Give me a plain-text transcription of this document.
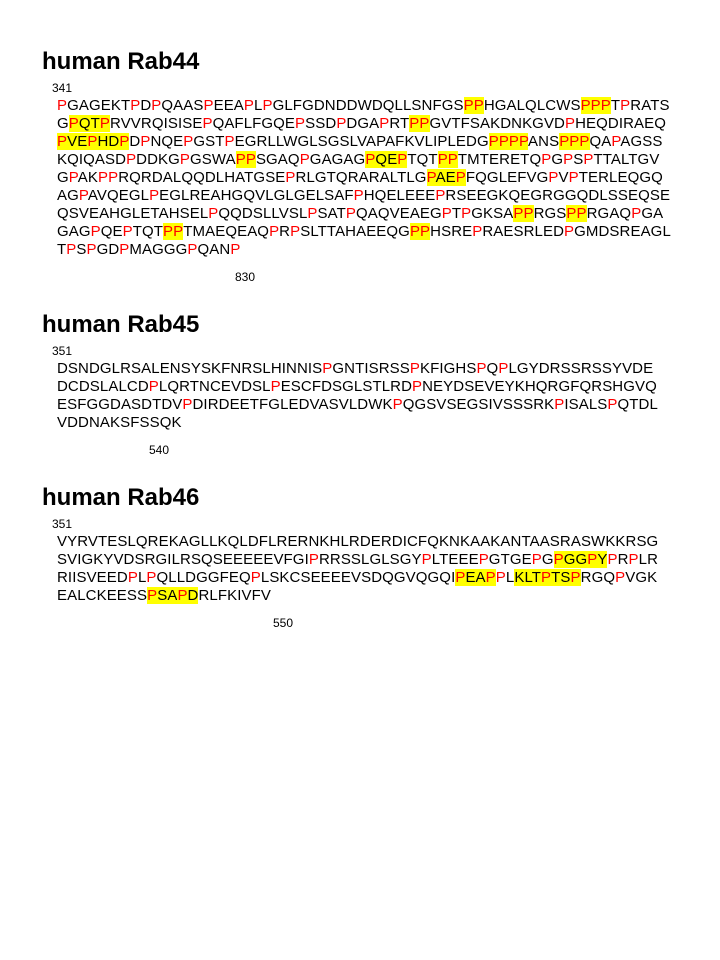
human Rab44
341
PGAGEKTPDPQAASPEEAPLPGLFGDNDDWDQLLSNFGSPPHGALQLCWSPPPTPRATS
GPQTPRVVRQISISEPQAFLFGQEPSSDPDGAPRTPPGVTFSAKDNKGVDPHEQDIRAEQ
PVEPHDPDPNQEPGSTPEGRLLWGLSGSLVAPAFKVLIPLEDGPPPPANSPPPQAPAGSS
KQIQASDPDDKGPGSWAPPSGAQPGAGAGPQEPTQTPPTMTERETQPGPSPTTALTGV
GPAKPPRQRDALQQDLHATGSEPRLGTQRARALTLGPAEPFQGLEFVGPVPTERLEQGQ
AGPAVQEGLPEGLREAHGQVLGLGELSAFPHQELEEEPRSEEGKQEGRGGQDLSSEQSE
QSVEAHGLETAHSELPQQDSLLVSLPSATPQAQVEAEGPTPGKSAPPRGSPPRGAQPGA
GAGPQEPTQTPPTMAEQEAQPRPSLTTAHAEEQGPPHSREPRAESRLEDPGMDSREAGL
TPSPGDPMAGGGPQANP
830
human Rab45
351
DSNDGLRSALENSYSKFNRSLHINNISPGNTISRSSPKFIGHSPQPLGYDRSSRSSYVDE
DCDSLALCDPLQRTNCEVDSLPESCFDSGLSTLRDPNEYDSEVEYKHQRGFQRSHGVQ
ESFGGDASDTDVPDIRDEETFGLEDVASVLDWKPQGSVSEGSIVSSSRKPISALSPQTDL
VDDNAKSFSSQK
540
human Rab46
351
VYRVTESLQREKAGLLKQLDFLRERNKHLRDERDICFQKNKAAKANTAASRASWKKRSG
SVIGKYVDSRGILRSQSEEEEEVFGIPRRSSLGLSGYPLTEEEPGTGEPGPGGPYPRPLR
RIISVEEDPLPQLLDGGFEQPLSKCSEEEEVSDQGVQGQIPEAPPLKLTPTSPRGQPVGK
EALCKEESSPSAPDRLFKIVFV
550
